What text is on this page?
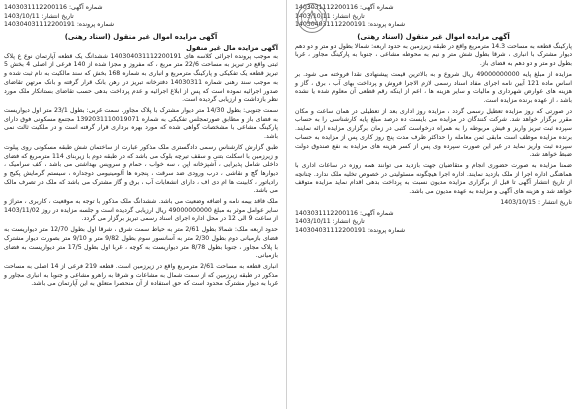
شماره آگهی: 1403031112200116
تاریخ انتشار: 1403/10/11
شماره پرونده: 140304031112200191
آگهی مزایده اموال غیر منقول (اسناد رهنی)
آگهی مزایده مال غیر منقول

به موجب پرونده اجرائی کلاسه های 140304031112200191 ششدانگ یک قطعه آپارتمان نوع ع پلاک ثبتی واقع در تبریز به مساحت 22/6 متر مربع ، که مفروز و مجزا شده از 140 فرعی از اصلی 4 بخش 5 تبریز قطعه یک تفکیکی و پارکینگ مترمربع و انباری به شماره 168 بخش که سند مالکیت به نام ثبت شده و به موجب سند رهنی شماره 14030311 دفترخانه تبریز در رهن بانک قرار گرفته و بانک مرتهن تقاضای صدور اجرائیه نموده است که پس از ابلاغ اجرائیه و عدم پرداخت بدهی حسب تقاضای بستانکار ملک مورد نظر بازداشت و ارزیابی گردیده است.

سمت جنوبی: بطول 14/30 متر دیوار مشترک با پلاک مجاور. سمت غربی: بطول 23/1 متر اول دیواریست به فضای باز و مطابق صورتمجلس تفکیکی به شماره 1392031110019071 مجتمع مسکونی فوق دارای پارکینگ مشاعی با مشخصات گواهی شده که مورد بهره برداری قرار گرفته است و در ملکیت ثالث نمی باشد.

طبق گزارش کارشناس رسمی دادگستری ملک مذکور عبارت از ساختمان شش طبقه مسکونی روی پیلوت و زیرزمین با اسکلت بتنی و سقف تیرچه بلوک می باشد که در طبقه دوم با زیربنای 114 مترمربع که فضای داخلی شامل پذیرایی ، آشپزخانه اپن ، سه خواب ، حمام و سرویس بهداشتی می باشد ، کف سرامیک ، دیوارها گچ و نقاشی ، درب ورودی ضد سرقت ، پنجره ها آلومینیومی دوجداره ، سیستم گرمایش پکیج و رادیاتور ، کابینت ها ام دی اف ، دارای انشعابات آب ، برق و گاز مشترک می باشد که ملک در تصرف مالک می باشد.

ملک فاقد بیمه نامه و اضافه وضعیت می باشد. ششدانگ ملک مذکور با توجه به موقعیت ، کاربری ، متراژ و سایر عوامل موثر به مبلغ 49000000000 ریال ارزیابی گردیده است و جلسه مزایده در روز 1403/11/02 از ساعت 9 الی 12 در محل اداره اجرای اسناد رسمی تبریز برگزار می گردد.

حدود اربعه ملک: شمالا بطول 2/61 متر به حیاط سمت شرق ، شرقا اول بطول 12/70 متر دیواریست به فضای بازمیانی دوم بطول 2/30 متر به آسانسور سوم بطول 9/82 متر و 9/10 متر بصورت دیوار مشترک با پلاک مجاور ، جنوبا بطول 8/78 متر دیواریست به کوچه ، غربا اول بطول 17/5 متر دیواریست به فضای بازمیانی.

انباری قطعه به مساحت 2/61 مترمربع واقع در زیرزمین است. قطعه 219 فرعی از 14 اصلی به مساحت مذکور در طبقه زیرزمین که از سمت شمال به مشاعات و شرقا به راهرو مشاعی و جنوبا به انباری مجاور و غربا به دیوار مشترک محدود است که حق استفاده از آن منحصرا متعلق به این آپارتمان می باشد.

شماره آگهی: 1403031112200116
تاریخ انتشار: 1403/10/11
شماره پرونده: 140304031112200191
آگهی مزایده اموال غیر منقول (اسناد رهنی)

پارکینگ قطعه به مساحت 14.3 مترمربع واقع در طبقه زیرزمین به حدود اربعه: شمالا بطول دو متر و دو دهم دیوار مشترک با انباری ، شرقا بطول شش متر و نیم به محوطه مشاعی ، جنوبا به پارکینگ مجاور ، غربا بطول دو متر و دو دهم به فضای باز.

مزایده از مبلغ پایه 49000000000 ریال شروع و به بالاترین قیمت پیشنهادی نقدا فروخته می شود. بر اساس ماده 121 آیین نامه اجرای مفاد اسناد رسمی لازم الاجرا فروش و پرداخت بهای آب ، برق ، گاز و هزینه های عوارض شهرداری و مالیات و سایر هزینه ها ، اعم از اینکه رقم قطعی آن معلوم شده یا نشده باشد ، از عهده برنده مزایده است.

در صورتی که روز مزایده تعطیل رسمی گردد ، مزایده روز اداری بعد از تعطیلی در همان ساعت و مکان مقرر برگزار خواهد شد. شرکت کنندگان در مزایده می بایست ده درصد مبلغ پایه کارشناسی را به حساب سپرده ثبت تبریز واریز و فیش مربوطه را به همراه درخواست کتبی در زمان برگزاری مزایده ارائه نمایند. برنده مزایده موظف است مابقی ثمن معامله را حداکثر ظرف مدت پنج روز کاری پس از مزایده به حساب سپرده ثبت واریز نماید در غیر این صورت سپرده وی پس از کسر هزینه های مزایده به نفع صندوق دولت ضبط خواهد شد.

ضمنا مزایده به صورت حضوری انجام و متقاضیان جهت بازدید می توانند همه روزه در ساعات اداری با هماهنگی اداره اجرا از ملک بازدید نمایند. اداره اجرا هیچگونه مسئولیتی در خصوص تخلیه ملک ندارد. چنانچه از تاریخ انتشار آگهی تا قبل از برگزاری مزایده مدیون نسبت به پرداخت بدهی اقدام نماید مزایده متوقف خواهد شد و هزینه های آگهی و مزایده به عهده مدیون می باشد.

تاریخ انتشار : 1403/10/15
شماره آگهی: 1403031112200116
تاریخ انتشار: 1403/10/11
شماره پرونده: 140304031112200191
